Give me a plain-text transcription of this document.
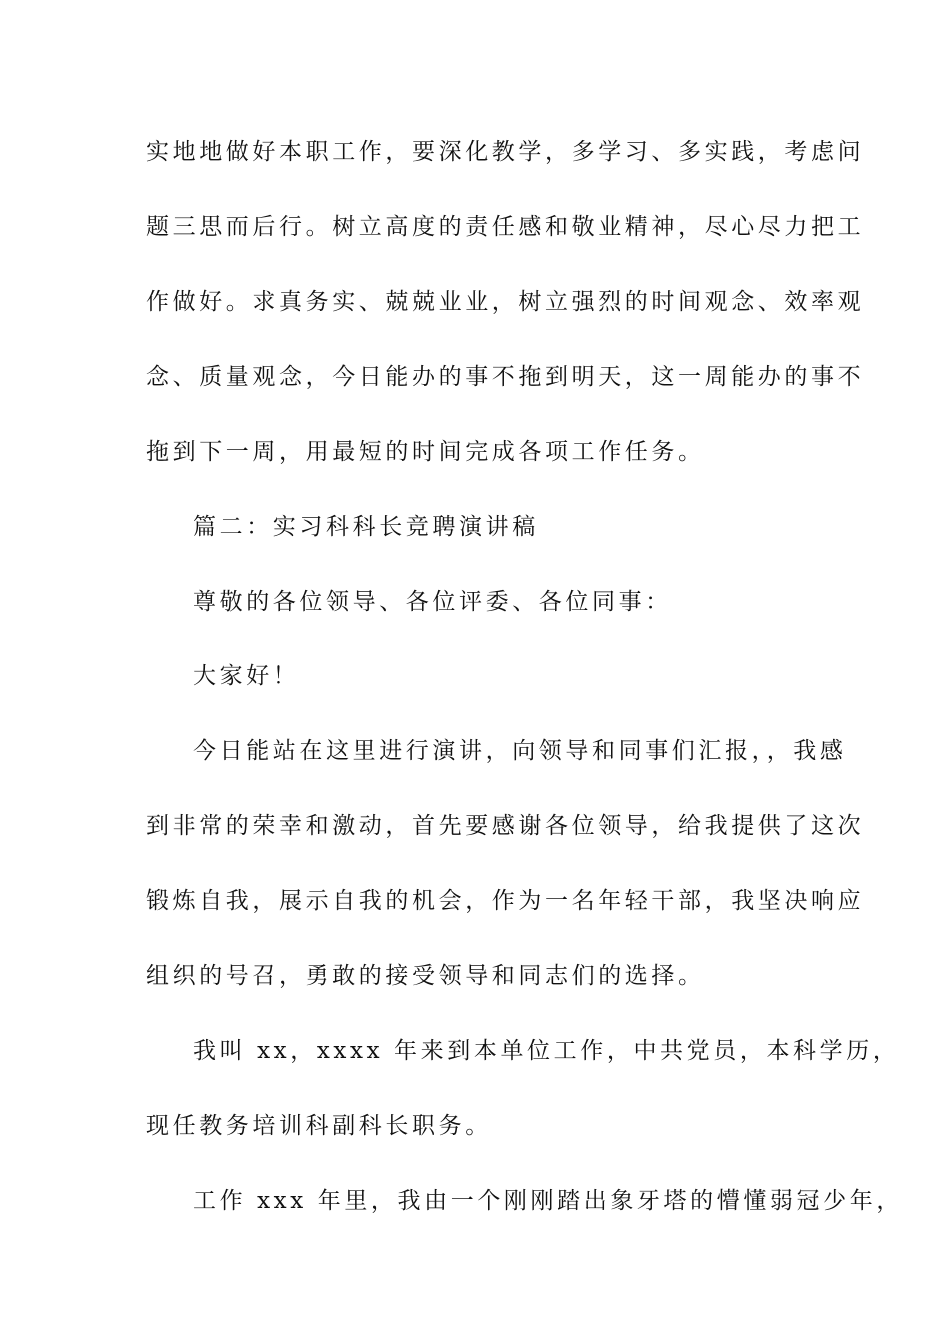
实地地做好本职工作，要深化教学，多学习、多实践，考虑问
题三思而后行。树立高度的责任感和敬业精神，尽心尽力把工
作做好。求真务实、兢兢业业，树立强烈的时间观念、效率观
念、质量观念，今日能办的事不拖到明天，这一周能办的事不
拖到下一周，用最短的时间完成各项工作任务。
篇二：实习科科长竞聘演讲稿
尊敬的各位领导、各位评委、各位同事：
大家好！
今日能站在这里进行演讲，向领导和同事们汇报，，我感
到非常的荣幸和激动，首先要感谢各位领导，给我提供了这次
锻炼自我，展示自我的机会，作为一名年轻干部，我坚决响应
组织的号召，勇敢的接受领导和同志们的选择。
我叫 xx，xxxx 年来到本单位工作，中共党员，本科学历，
现任教务培训科副科长职务。
工作 xxx 年里，我由一个刚刚踏出象牙塔的懵懂弱冠少年，
